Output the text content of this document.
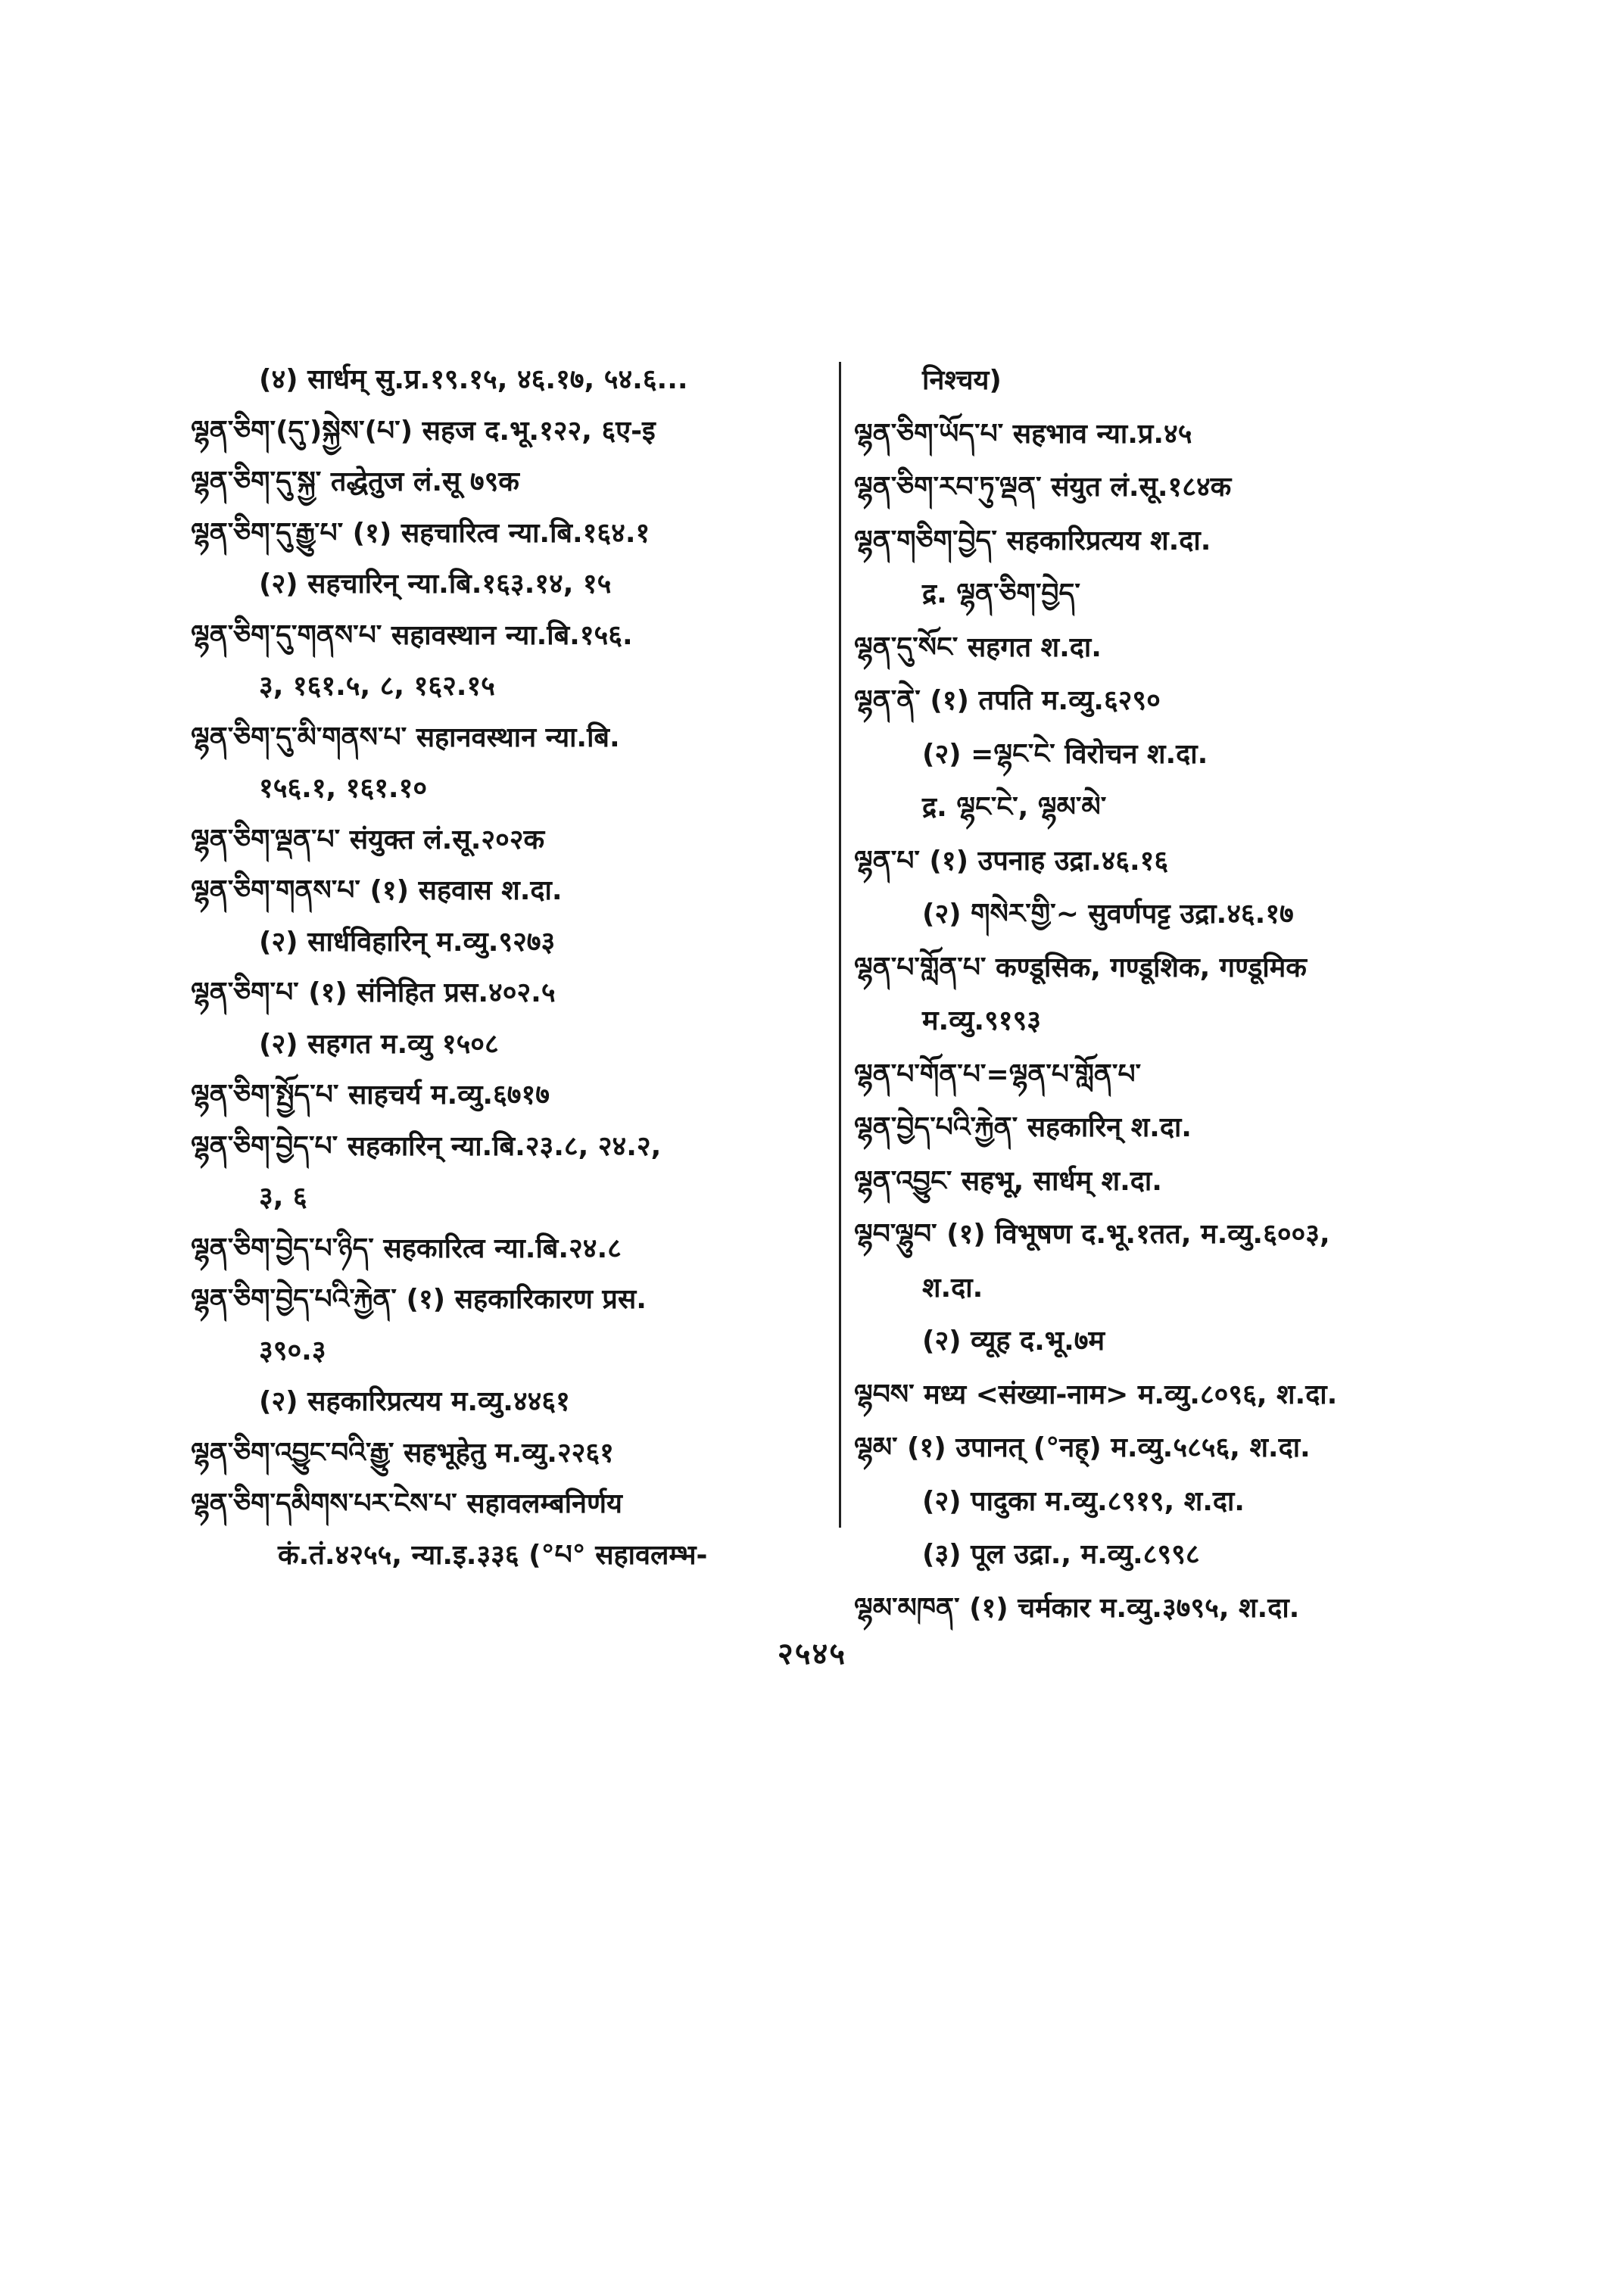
(४) सार्धम् सु.प्र.१९.१५, ४६.१७, ५४.६...
ལྷན་ཅིག་(དུ་)སྐྱེས་(པ་) सहज द.भू.१२२, ६ए-इ
ལྷན་ཅིག་དུ་སྐྱ་ तद्धेतुज लं.सू ७९क
ལྷན་ཅིག་དུ་རྒྱུ་པ་ (१) सहचारित्व न्या.बि.१६४.१
(२) सहचारिन् न्या.बि.१६३.१४, १५
ལྷན་ཅིག་དུ་གནས་པ་ सहावस्थान न्या.बि.१५६.
३, १६१.५, ८, १६२.१५
ལྷན་ཅིག་དུ་མི་གནས་པ་ सहानवस्थान न्या.बि.
१५६.१, १६१.१०
ལྷན་ཅིག་ལྡན་པ་ संयुक्त लं.सू.२०२क
ལྷན་ཅིག་གནས་པ་ (१) सहवास श.दा.
(२) सार्धविहारिन् म.व्यु.९२७३
ལྷན་ཅིག་པ་ (१) संनिहित प्रस.४०२.५
(२) सहगत म.व्यु १५०८
ལྷན་ཅིག་སྤྱོད་པ་ साहचर्य म.व्यु.६७१७
ལྷན་ཅིག་བྱེད་པ་ सहकारिन् न्या.बि.२३.८, २४.२,
३, ६
ལྷན་ཅིག་བྱེད་པ་ཉིད་ सहकारित्व न्या.बि.२४.८
ལྷན་ཅིག་བྱེད་པའི་རྐྱེན་ (१) सहकारिकारण प्रस.
३९०.३
(२) सहकारिप्रत्यय म.व्यु.४४६१
ལྷན་ཅིག་འབྱུང་བའི་རྒྱུ་ सहभूहेतु म.व्यु.२२६१
ལྷན་ཅིག་དམིགས་པར་ངེས་པ་ सहावलम्बनिर्णय
कं.तं.४२५५, न्या.इ.३३६ (°པ° सहावलम्भ-
निश्चय)
ལྷན་ཅིག་ཡོད་པ་ सहभाव न्या.प्र.४५
ལྷན་ཅིག་རབ་ཏུ་ལྡན་ संयुत लं.सू.१८४क
ལྷན་གཅིག་བྱེད་ सहकारिप्रत्यय श.दा.
द्र. ལྷན་ཅིག་བྱེད་
ལྷན་དུ་སོང་ सहगत श.दा.
ལྷན་ནེ་ (१) तपति म.व्यु.६२९०
(२) =ལྷང་ངེ་ विरोचन श.दा.
द्र. ལྷང་ངེ་, ལྷམ་མེ་
ལྷན་པ་ (१) उपनाह उद्रा.४६.१६
(२) གསེར་གྱི་~ सुवर्णपट्ट उद्रा.४६.१७
ལྷན་པ་གློན་པ་ कण्डूसिक, गण्डूशिक, गण्डूमिक
म.व्यु.९१९३
ལྷན་པ་གོན་པ་=ལྷན་པ་གློན་པ་
ལྷན་བྱེད་པའི་རྐྱེན་ सहकारिन् श.दा.
ལྷན་འབྱུང་ सहभू, सार्धम् श.दा.
ལྷབ་ལྷུབ་ (१) विभूषण द.भू.१तत, म.व्यु.६००३,
श.दा.
(२) व्यूह द.भू.७म
ལྷབས་ मध्य <संख्या-नाम> म.व्यु.८०९६, श.दा.
ལྷམ་ (१) उपानत् (°नह्) म.व्यु.५८५६, श.दा.
(२) पादुका म.व्यु.८९१९, श.दा.
(३) पूल उद्रा., म.व्यु.८९९८
ལྷམ་མཁན་ (१) चर्मकार म.व्यु.३७९५, श.दा.
२५४५
